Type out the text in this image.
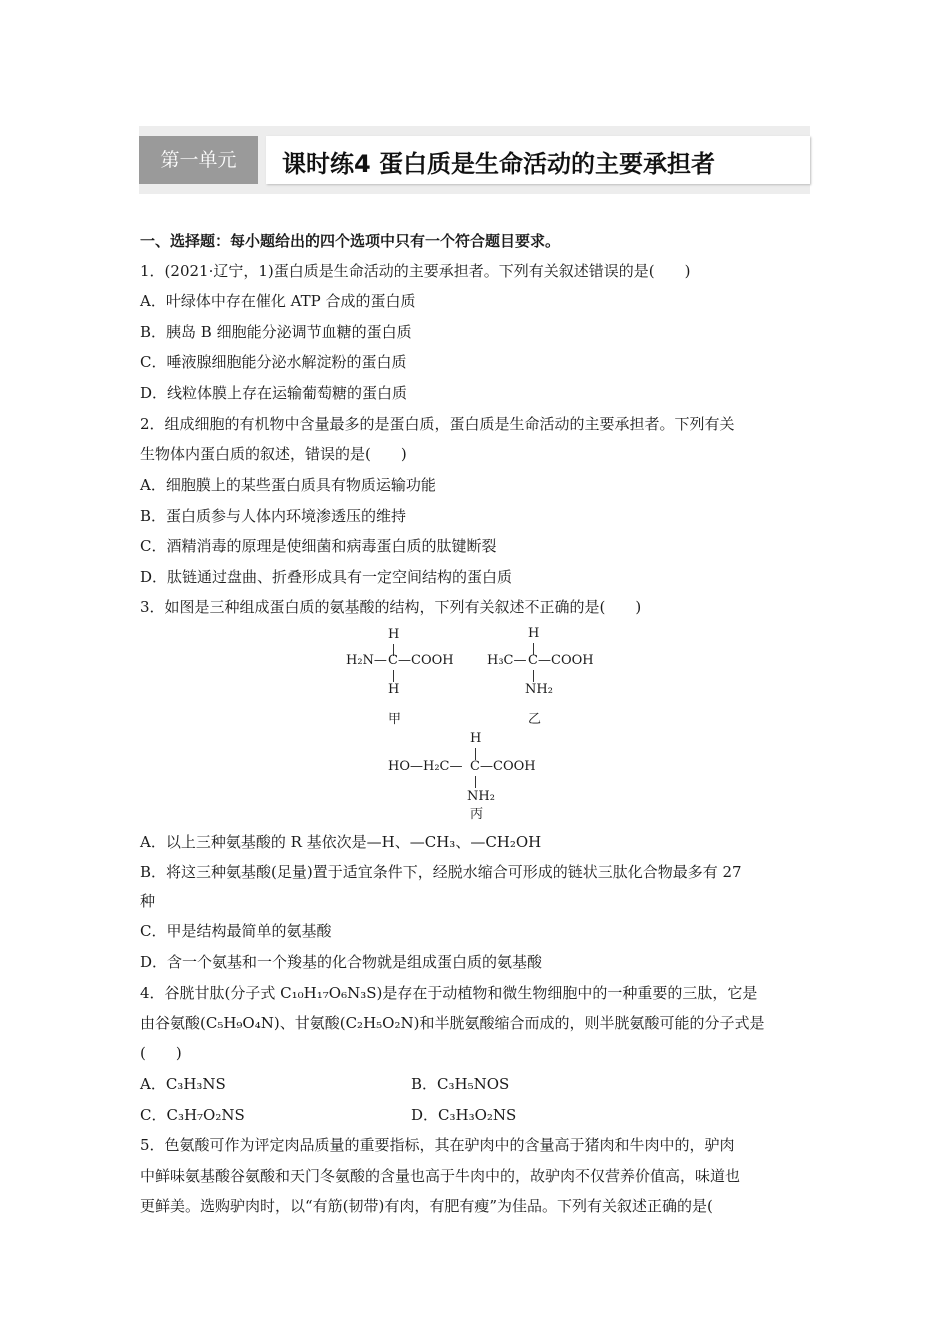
第一单元	课时练4 蛋白质是生命活动的主要承担者
一、选择题：每小题给出的四个选项中只有一个符合题目要求。
1．(2021·辽宁，1)蛋白质是生命活动的主要承担者。下列有关叙述错误的是(　　)
A．叶绿体中存在催化 ATP 合成的蛋白质
B．胰岛 B 细胞能分泌调节血糖的蛋白质
C．唾液腺细胞能分泌水解淀粉的蛋白质
D．线粒体膜上存在运输葡萄糖的蛋白质
2．组成细胞的有机物中含量最多的是蛋白质，蛋白质是生命活动的主要承担者。下列有关
生物体内蛋白质的叙述，错误的是(　　)
A．细胞膜上的某些蛋白质具有物质运输功能
B．蛋白质参与人体内环境渗透压的维持
C．酒精消毒的原理是使细菌和病毒蛋白质的肽键断裂
D．肽链通过盘曲、折叠形成具有一定空间结构的蛋白质
3．如图是三种组成蛋白质的氨基酸的结构，下列有关叙述不正确的是(　　)
H
H₂N— C —COOH
H
甲
H
H₃C— C —COOH
NH₂
乙
H
HO—H₂C— C —COOH
NH₂
丙
A．以上三种氨基酸的 R 基依次是—H、—CH₃、—CH₂OH
B．将这三种氨基酸(足量)置于适宜条件下，经脱水缩合可形成的链状三肽化合物最多有 27
种
C．甲是结构最简单的氨基酸
D．含一个氨基和一个羧基的化合物就是组成蛋白质的氨基酸
4．谷胱甘肽(分子式 C₁₀H₁₇O₆N₃S)是存在于动植物和微生物细胞中的一种重要的三肽，它是
由谷氨酸(C₅H₉O₄N)、甘氨酸(C₂H₅O₂N)和半胱氨酸缩合而成的，则半胱氨酸可能的分子式是
(　　)
A．C₃H₃NS	B．C₃H₅NOS
C．C₃H₇O₂NS	D．C₃H₃O₂NS
5．色氨酸可作为评定肉品质量的重要指标，其在驴肉中的含量高于猪肉和牛肉中的，驴肉
中鲜味氨基酸谷氨酸和天门冬氨酸的含量也高于牛肉中的，故驴肉不仅营养价值高，味道也
更鲜美。选购驴肉时，以“有筋(韧带)有肉，有肥有瘦”为佳品。下列有关叙述正确的是(
